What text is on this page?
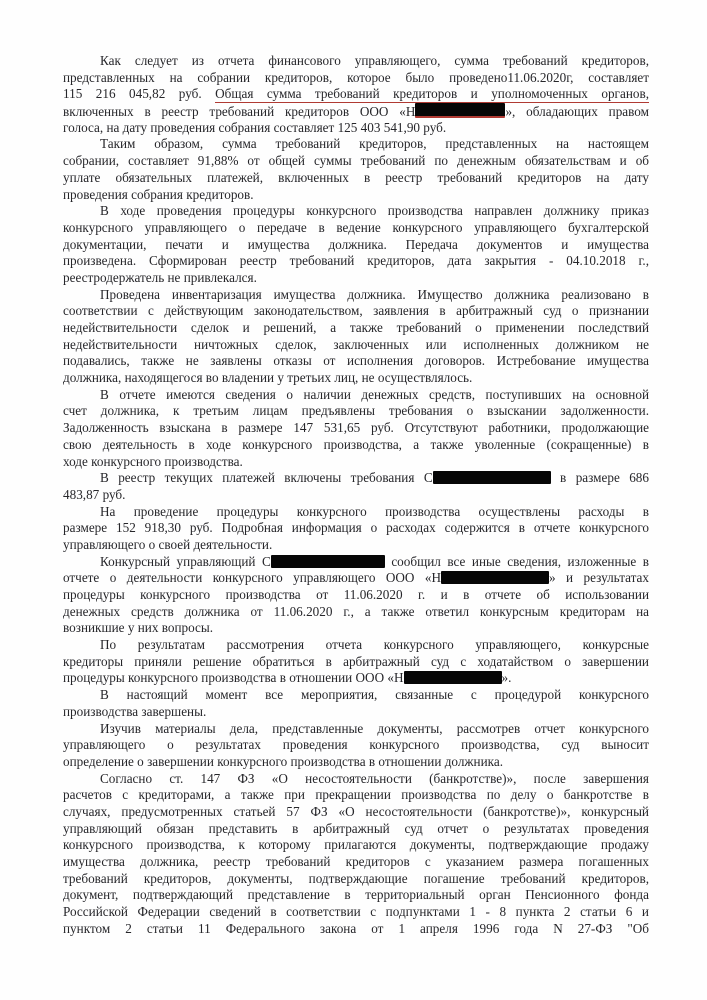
Как следует из отчета финансового управляющего, сумма требований кредиторов,
представленных на собрании кредиторов, которое было проведено11.06.2020г, составляет
115 216 045,82 руб. Общая сумма требований кредиторов и уполномоченных органов,
включенных в реестр требований кредиторов ООО «Н	», обладающих правом
голоса, на дату проведения собрания составляет 125 403 541,90 руб.
Таким образом, сумма требований кредиторов, представленных на настоящем
собрании, составляет 91,88% от общей суммы требований по денежным обязательствам и об
уплате обязательных платежей, включенных в реестр требований кредиторов на дату
проведения собрания кредиторов.
В ходе проведения процедуры конкурсного производства направлен должнику приказ
конкурсного управляющего о передаче в ведение конкурсного управляющего бухгалтерской
документации, печати и имущества должника. Передача документов и имущества
произведена. Сформирован реестр требований кредиторов, дата закрытия - 04.10.2018 г.,
реестродержатель не привлекался.
Проведена инвентаризация имущества должника. Имущество должника реализовано в
соответствии с действующим законодательством, заявления в арбитражный суд о признании
недействительности сделок и решений, а также требований о применении последствий
недействительности ничтожных сделок, заключенных или исполненных должником не
подавались, также не заявлены отказы от исполнения договоров. Истребование имущества
должника, находящегося во владении у третьих лиц, не осуществлялось.
В отчете имеются сведения о наличии денежных средств, поступивших на основной
счет должника, к третьим лицам предъявлены требования о взыскании задолженности.
Задолженность взыскана в размере 147 531,65 руб. Отсутствуют работники, продолжающие
свою деятельность в ходе конкурсного производства, а также уволенные (сокращенные) в
ходе конкурсного производства.
В реестр текущих платежей включены требования С	в размере 686
483,87 руб.
На проведение процедуры конкурсного производства осуществлены расходы в
размере 152 918,30 руб. Подробная информация о расходах содержится в отчете конкурсного
управляющего о своей деятельности.
Конкурсный управляющий С	сообщил все иные сведения, изложенные в
отчете о деятельности конкурсного управляющего ООО «Н	» и результатах
процедуры конкурсного производства от 11.06.2020 г. и в отчете об использовании
денежных средств должника от 11.06.2020 г., а также ответил конкурсным кредиторам на
возникшие у них вопросы.
По результатам рассмотрения отчета конкурсного управляющего, конкурсные
кредиторы приняли решение обратиться в арбитражный суд с ходатайством о завершении
процедуры конкурсного производства в отношении ООО «Н	».
В настоящий момент все мероприятия, связанные с процедурой конкурсного
производства завершены.
Изучив материалы дела, представленные документы, рассмотрев отчет конкурсного
управляющего о результатах проведения конкурсного производства, суд выносит
определение о завершении конкурсного производства в отношении должника.
Согласно ст. 147 ФЗ «О несостоятельности (банкротстве)», после завершения
расчетов с кредиторами, а также при прекращении производства по делу о банкротстве в
случаях, предусмотренных статьей 57 ФЗ «О несостоятельности (банкротстве)», конкурсный
управляющий обязан представить в арбитражный суд отчет о результатах проведения
конкурсного производства, к которому прилагаются документы, подтверждающие продажу
имущества должника, реестр требований кредиторов с указанием размера погашенных
требований кредиторов, документы, подтверждающие погашение требований кредиторов,
документ, подтверждающий представление в территориальный орган Пенсионного фонда
Российской Федерации сведений в соответствии с подпунктами 1 - 8 пункта 2 статьи 6 и
пунктом 2 статьи 11 Федерального закона от 1 апреля 1996 года N 27-ФЗ "Об
